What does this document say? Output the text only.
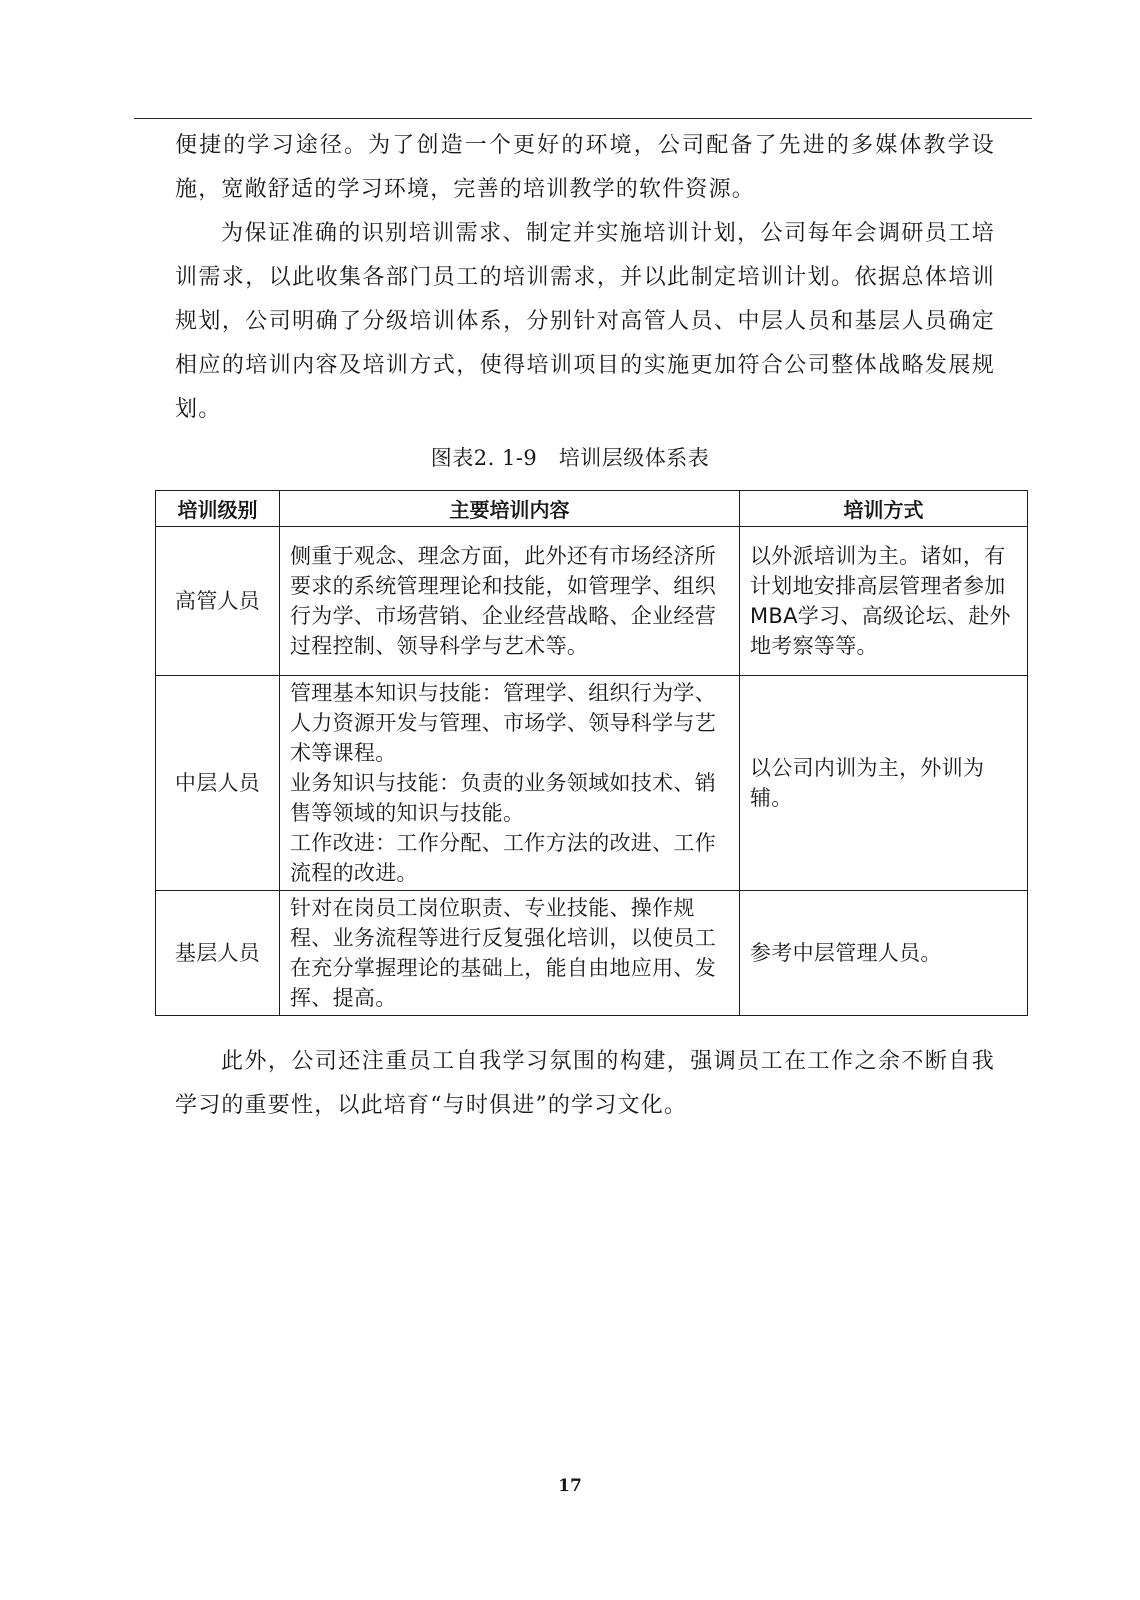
便捷的学习途径。为了创造一个更好的环境，公司配备了先进的多媒体教学设施，宽敞舒适的学习环境，完善的培训教学的软件资源。

为保证准确的识别培训需求、制定并实施培训计划，公司每年会调研员工培训需求，以此收集各部门员工的培训需求，并以此制定培训计划。依据总体培训规划，公司明确了分级培训体系，分别针对高管人员、中层人员和基层人员确定相应的培训内容及培训方式，使得培训项目的实施更加符合公司整体战略发展规划。

图表2. 1-9　培训层级体系表
培训级别	主要培训内容	培训方式
高管人员	侧重于观念、理念方面，此外还有市场经济所要求的系统管理理论和技能，如管理学、组织行为学、市场营销、企业经营战略、企业经营过程控制、领导科学与艺术等。	以外派培训为主。诸如，有计划地安排高层管理者参加MBA学习、高级论坛、赴外地考察等等。
中层人员	管理基本知识与技能：管理学、组织行为学、人力资源开发与管理、市场学、领导科学与艺术等课程。
业务知识与技能：负责的业务领域如技术、销售等领域的知识与技能。
工作改进：工作分配、工作方法的改进、工作流程的改进。	以公司内训为主，外训为辅。
基层人员	针对在岗员工岗位职责、专业技能、操作规程、业务流程等进行反复强化培训，以使员工在充分掌握理论的基础上，能自由地应用、发挥、提高。	参考中层管理人员。

此外，公司还注重员工自我学习氛围的构建，强调员工在工作之余不断自我学习的重要性，以此培育“与时俱进”的学习文化。

17
